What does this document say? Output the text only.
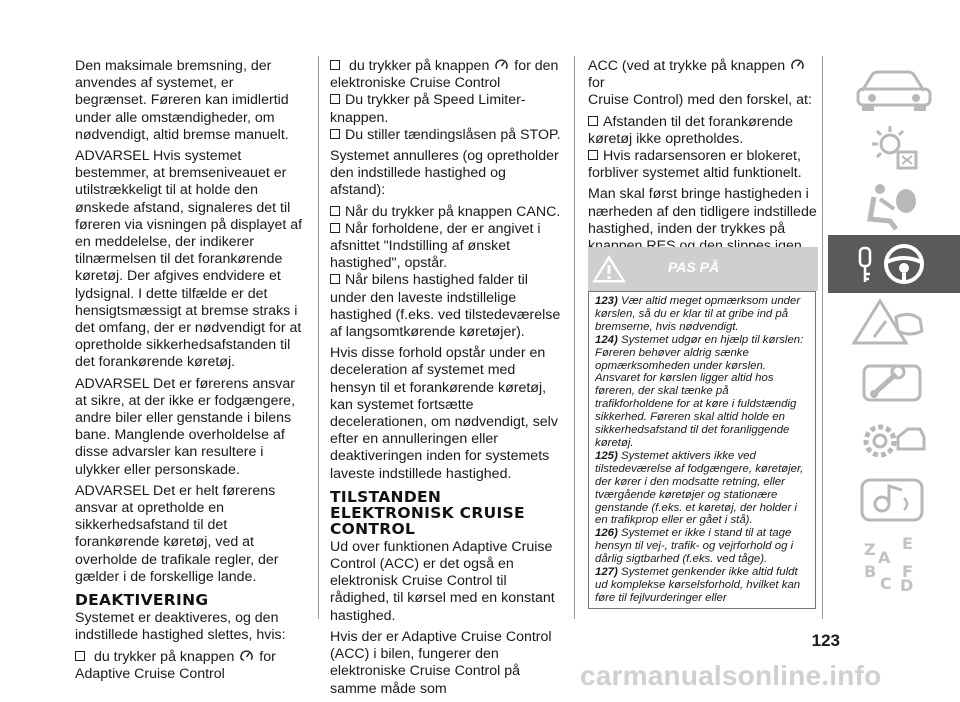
Den maksimale bremsning, der anvendes af systemet, er begrænset. Føreren kan imidlertid under alle omstændigheder, om nødvendigt, altid bremse manuelt.

ADVARSEL Hvis systemet bestemmer, at bremseniveauet er utilstrækkeligt til at holde den ønskede afstand, signaleres det til føreren via visningen på displayet af en meddelelse, der indikerer tilnærmelsen til det forankørende køretøj. Der afgives endvidere et lydsignal. I dette tilfælde er det hensigtsmæssigt at bremse straks i det omfang, der er nødvendigt for at opretholde sikkerhedsafstanden til det forankørende køretøj.

ADVARSEL Det er førerens ansvar at sikre, at der ikke er fodgængere, andre biler eller genstande i bilens bane. Manglende overholdelse af disse advarsler kan resultere i ulykker eller personskade.

ADVARSEL Det er helt førerens ansvar at opretholde en sikkerhedsafstand til det forankørende køretøj, ved at overholde de trafikale regler, der gælder i de forskellige lande.

DEAKTIVERING

Systemet er deaktiveres, og den indstillede hastighed slettes, hvis:

du trykker på knappen for
Adaptive Cruise Control

du trykker på knappen for den
elektroniske Cruise Control

Du trykker på Speed Limiter-knappen.

Du stiller tændingslåsen på STOP.

Systemet annulleres (og opretholder den indstillede hastighed og afstand):

Når du trykker på knappen CANC.

Når forholdene, der er angivet i afsnittet "Indstilling af ønsket hastighed", opstår.

Når bilens hastighed falder til under den laveste indstillelige hastighed (f.eks. ved tilstedeværelse af langsomtkørende køretøjer).

Hvis disse forhold opstår under en deceleration af systemet med hensyn til et forankørende køretøj, kan systemet fortsætte decelerationen, om nødvendigt, selv efter en annulleringen eller deaktiveringen inden for systemets laveste indstillede hastighed.

TILSTANDEN
ELEKTRONISK CRUISE
CONTROL

Ud over funktionen Adaptive Cruise Control (ACC) er det også en elektronisk Cruise Control til rådighed, til kørsel med en konstant hastighed.

Hvis der er Adaptive Cruise Control (ACC) i bilen, fungerer den elektroniske Cruise Control på samme måde som

ACC (ved at trykke på knappen  for
Cruise Control) med den forskel, at:

Afstanden til det forankørende køretøj ikke opretholdes.

Hvis radarsensoren er blokeret, forbliver systemet altid funktionelt.

Man skal først bringe hastigheden i nærheden af den tidligere indstillede hastighed, inden der trykkes på

PAS PÅ

123) Vær altid meget opmærksom under kørslen, så du er klar til at gribe ind på bremserne, hvis nødvendigt.

124) Systemet udgør en hjælp til kørslen: Føreren behøver aldrig sænke opmærksomheden under kørslen. Ansvaret for kørslen ligger altid hos føreren, der skal tænke på trafikforholdene for at køre i fuldstændig sikkerhed. Føreren skal altid holde en sikkerhedsafstand til det foranliggende køretøj.

125) Systemet aktivers ikke ved tilstedeværelse af fodgængere, køretøjer, der kører i den modsatte retning, eller tværgående køretøjer og stationære genstande (f.eks. et køretøj, der holder i en trafikprop eller er gået i stå).

126) Systemet er ikke i stand til at tage hensyn til vej-, trafik- og vejrforhold og i dårlig sigtbarhed (f.eks. ved tåge).

127) Systemet genkender ikke altid fuldt ud komplekse kørselsforhold, hvilket kan føre til fejlvurderinger eller

Z E
A
B F
C D
123
carmanualsonline.info
